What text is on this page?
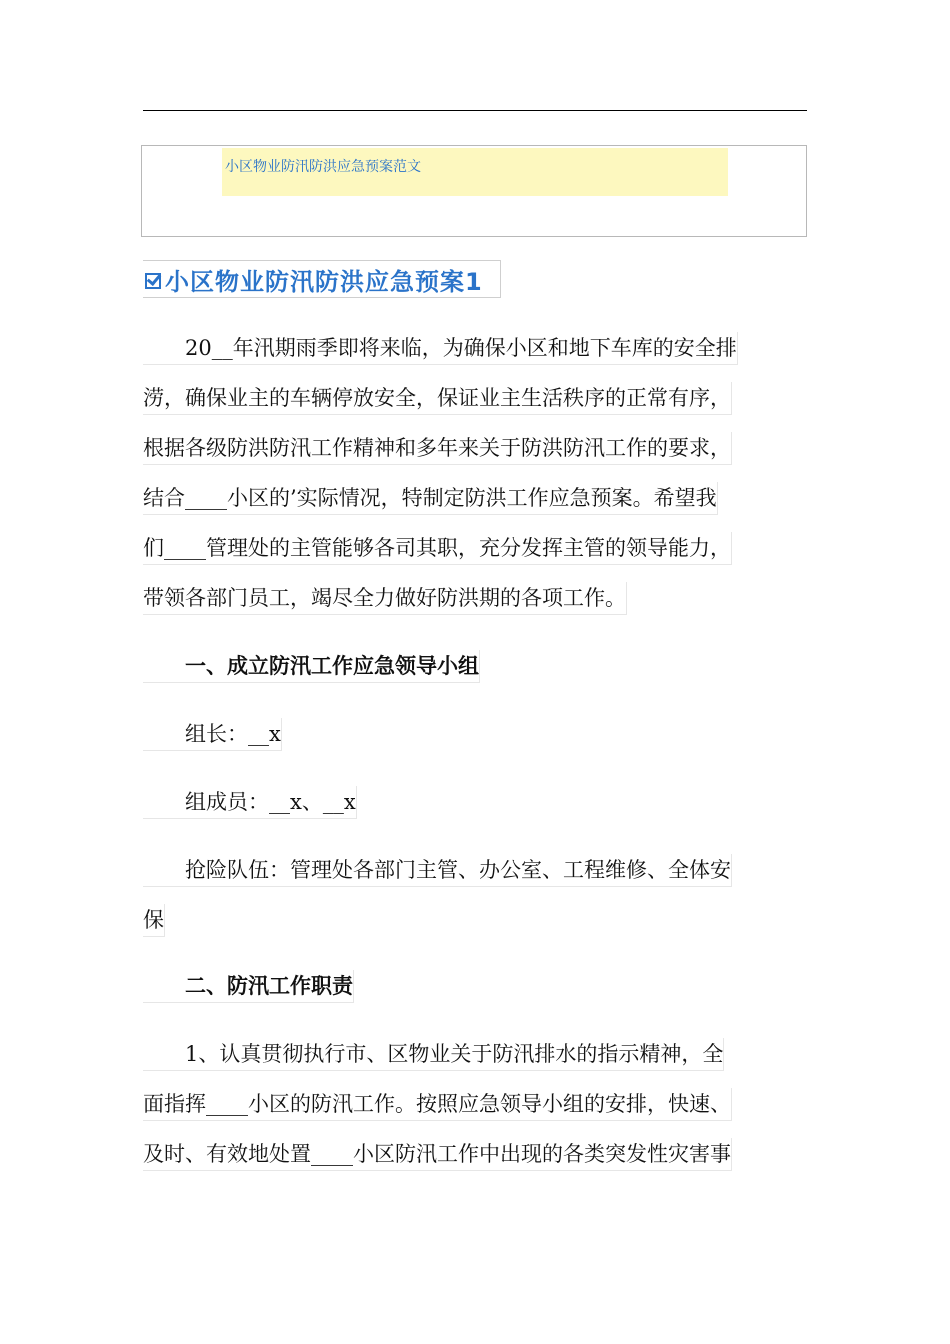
小区物业防汛防洪应急预案范文
小区物业防汛防洪应急预案1
　　20__年汛期雨季即将来临，为确保小区和地下车库的安全排
涝，确保业主的车辆停放安全，保证业主生活秩序的正常有序，
根据各级防洪防汛工作精神和多年来关于防洪防汛工作的要求，
结合____小区的’实际情况，特制定防洪工作应急预案。希望我
们____管理处的主管能够各司其职，充分发挥主管的领导能力，
带领各部门员工，竭尽全力做好防洪期的各项工作。
　　一、成立防汛工作应急领导小组
　　组长：__x
　　组成员：__x、__x
　　抢险队伍：管理处各部门主管、办公室、工程维修、全体安
保
　　二、防汛工作职责
　　1、认真贯彻执行市、区物业关于防汛排水的指示精神，全
面指挥____小区的防汛工作。按照应急领导小组的安排，快速、
及时、有效地处置____小区防汛工作中出现的各类突发性灾害事
